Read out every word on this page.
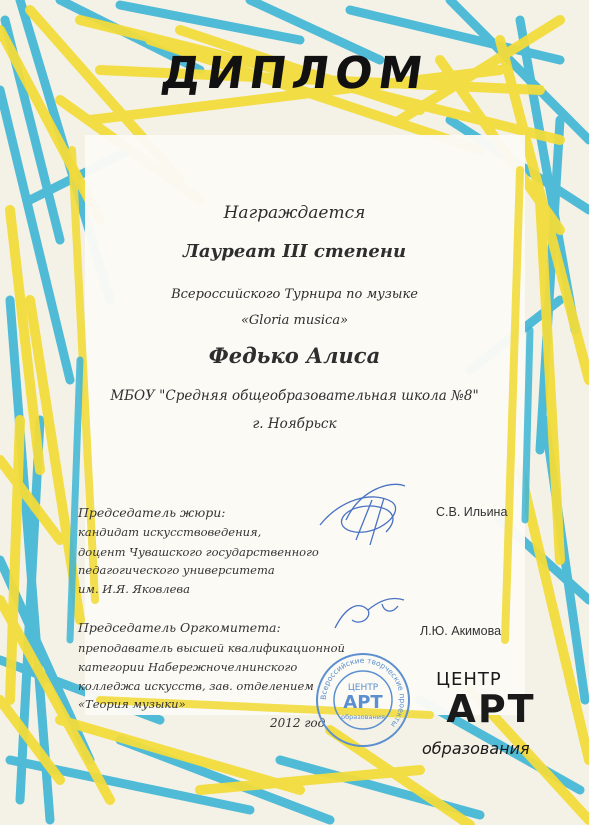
ДИПЛОМ
Награждается
Лауреат III степени
Всероссийского Турнира по музыке
«Gloria musica»
Федько Алиса
МБОУ "Средняя общеобразовательная школа №8"
г. Ноябрьск
Председатель жюри:
кандидат искусствоведения,
доцент Чувашского государственного
педагогического университета
им. И.Я. Яковлева
С.В. Ильина
Председатель Оргкомитета:
преподаватель высшей квалификационной
категории Набережночелнинского
колледжа искусств, зав. отделением
«Теория музыки»
Л.Ю. Акимова
2012 год
Всероссийские творческие проекты
ЦЕНТР
АРТ
образования
ЦЕНТР
АРТ
образования
